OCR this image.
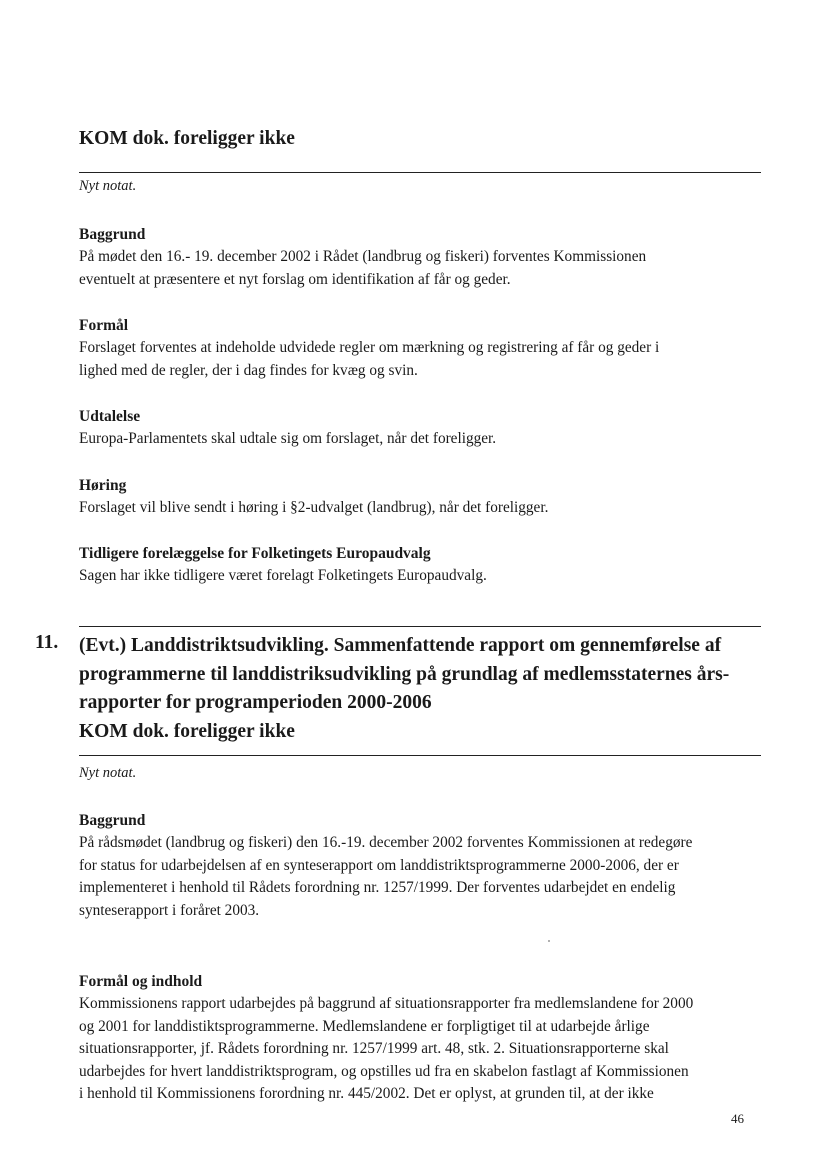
KOM dok. foreligger ikke
Nyt notat.
Baggrund
På mødet den 16.- 19. december 2002 i Rådet (landbrug og fiskeri) forventes Kommissionen
eventuelt at præsentere et nyt forslag om identifikation af får og geder.
Formål
Forslaget forventes at indeholde udvidede regler om mærkning og registrering af får og geder i
lighed med de regler, der i dag findes for kvæg og svin.
Udtalelse
Europa-Parlamentets skal udtale sig om forslaget, når det foreligger.
Høring
Forslaget vil blive sendt i høring i §2-udvalget (landbrug), når det foreligger.
Tidligere forelæggelse for Folketingets Europaudvalg
Sagen har ikke tidligere været forelagt Folketingets Europaudvalg.
11. (Evt.) Landdistriktsudvikling. Sammenfattende rapport om gennemførelse af
programmerne til landdistriksudvikling på grundlag af medlemsstaternes års-
rapporter for programperioden 2000-2006
KOM dok. foreligger ikke
Nyt notat.
Baggrund
På rådsmødet (landbrug og fiskeri) den 16.-19. december 2002 forventes Kommissionen at redegøre
for status for udarbejdelsen af en synteserapport om landdistriktsprogrammerne 2000-2006, der er
implementeret i henhold til Rådets forordning nr. 1257/1999. Der forventes udarbejdet en endelig
synteserapport i foråret 2003.
Formål og indhold
Kommissionens rapport udarbejdes på baggrund af situationsrapporter fra medlemslandene for 2000
og 2001 for landdistiktsprogrammerne. Medlemslandene er forpligtiget til at udarbejde årlige
situationsrapporter, jf. Rådets forordning nr. 1257/1999 art. 48, stk. 2. Situationsrapporterne skal
udarbejdes for hvert landdistriktsprogram, og opstilles ud fra en skabelon fastlagt af Kommissionen
i henhold til Kommissionens forordning nr. 445/2002. Det er oplyst, at grunden til, at der ikke
46
